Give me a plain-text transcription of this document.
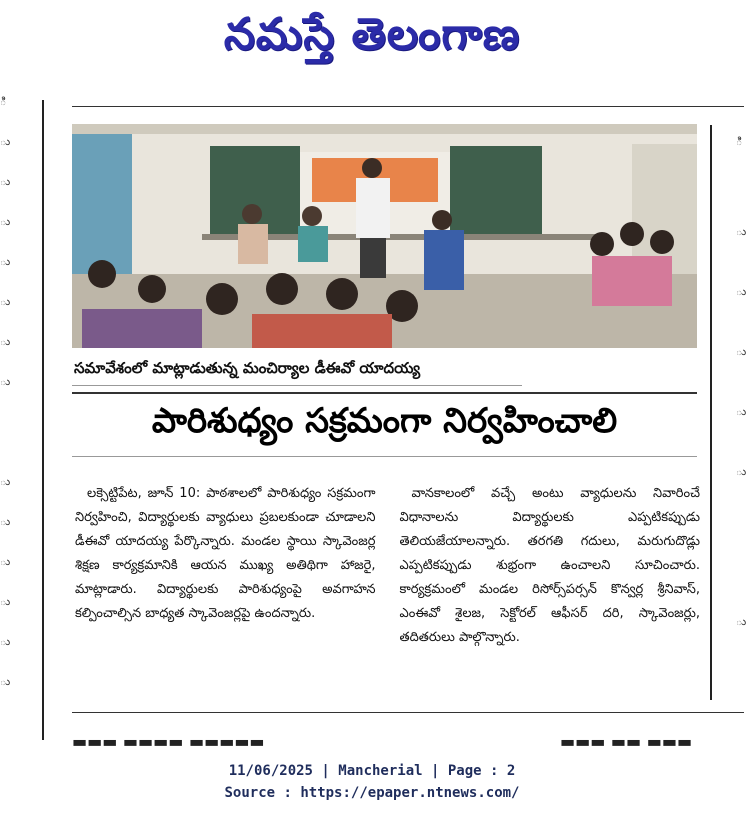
నమస్తే తెలంగాణ
ి
ు
ు
ు
ు
ు
ు
ు
ు
ు
ు
ు
ు
ు
ి
ు
ు
ు
ు
ు
ు
సమావేశంలో మాట్లాడుతున్న మంచిర్యాల డీఈవో యాదయ్య
పారిశుధ్యం సక్రమంగా నిర్వహించాలి

లక్సెట్టిపేట, జూన్ 10: పాఠశాలలో పారిశుధ్యం సక్రమంగా నిర్వహించి, విద్యార్థులకు వ్యాధులు ప్రబలకుండా చూడాలని డీఈవో యాదయ్య పేర్కొన్నారు. మండల స్థాయి స్కావెంజర్ల శిక్షణ కార్యక్రమానికి ఆయన ముఖ్య అతిథిగా హాజరై, మాట్లాడారు. విద్యార్థులకు పారిశుధ్యంపై అవగాహన కల్పించాల్సిన బాధ్యత స్కావెంజర్లపై ఉందన్నారు.

వానకాలంలో వచ్చే అంటు వ్యాధులను నివారించే విధానాలను విద్యార్థులకు ఎప్పటికప్పుడు తెలియజేయాలన్నారు. తరగతి గదులు, మరుగుదొడ్లు ఎప్పటికప్పుడు శుభ్రంగా ఉంచాలని సూచించారు. కార్యక్రమంలో మండల రిసోర్స్‌పర్సన్ కొన్వర్ల శ్రీనివాస్, ఎంఈవో శైలజ, సెక్టోరల్ ఆఫీసర్ దరి, స్కావెంజర్లు, తదితరులు పాల్గొన్నారు.

▬▬▬ ▬▬▬▬ ▬▬▬▬▬	▬▬▬ ▬▬ ▬▬▬
11/06/2025 | Mancherial | Page : 2
Source : https://epaper.ntnews.com/
